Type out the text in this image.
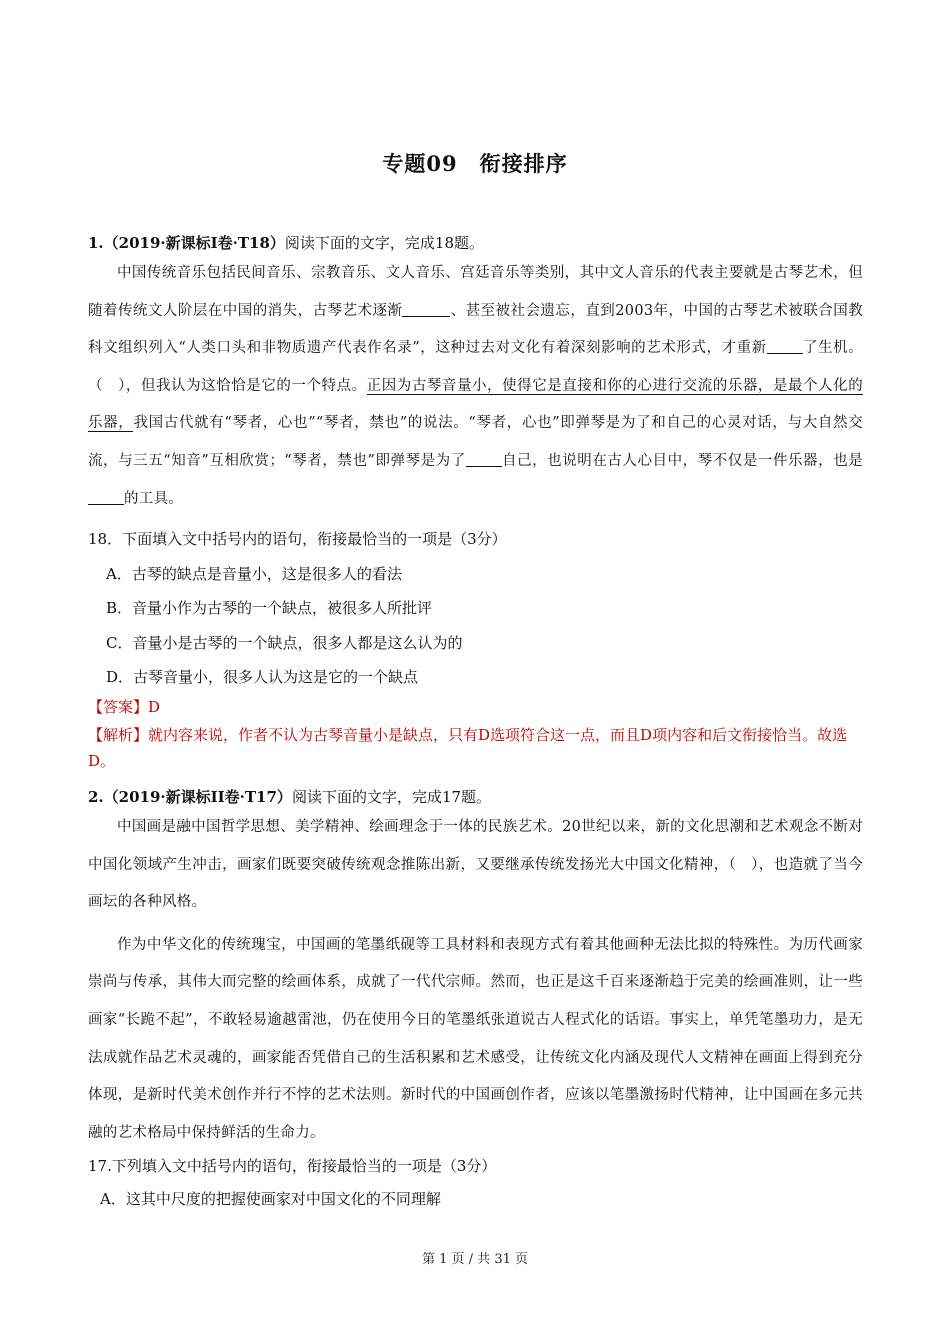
专题09　衔接排序
1.（2019·新课标Ⅰ卷·T18）阅读下面的文字，完成18题。

中国传统音乐包括民间音乐、宗教音乐、文人音乐、宫廷音乐等类别，其中文人音乐的代表主要就是古琴艺术，但随着传统文人阶层在中国的消失，古琴艺术逐渐	、甚至被社会遗忘，直到2003年，中国的古琴艺术被联合国教科文组织列入“人类口头和非物质遗产代表作名录”，这种过去对文化有着深刻影响的艺术形式，才重新 了生机。（　），但我认为这恰恰是它的一个特点。正因为古琴音量小，使得它是直接和你的心进行交流的乐器，是最个人化的乐器，我国古代就有“琴者，心也”“琴者，禁也”的说法。“琴者，心也”即弹琴是为了和自己的心灵对话，与大自然交流，与三五“知音”互相欣赏；“琴者，禁也”即弹琴是为了 自己，也说明在古人心目中，琴不仅是一件乐器，也是的工具。

18．下面填入文中括号内的语句，衔接最恰当的一项是（3分）
A．古琴的缺点是音量小，这是很多人的看法
B．音量小作为古琴的一个缺点，被很多人所批评
C．音量小是古琴的一个缺点，很多人都是这么认为的
D．古琴音量小，很多人认为这是它的一个缺点
【答案】D
【解析】就内容来说，作者不认为古琴音量小是缺点，只有D选项符合这一点，而且D项内容和后文衔接恰当。故选D。
2.（2019·新课标II卷·T17）阅读下面的文字，完成17题。

中国画是融中国哲学思想、美学精神、绘画理念于一体的民族艺术。20世纪以来，新的文化思潮和艺术观念不断对中国化领域产生冲击，画家们既要突破传统观念推陈出新，又要继承传统发扬光大中国文化精神，（　），也造就了当今画坛的各种风格。

作为中华文化的传统瑰宝，中国画的笔墨纸砚等工具材料和表现方式有着其他画种无法比拟的特殊性。为历代画家崇尚与传承，其伟大而完整的绘画体系，成就了一代代宗师。然而，也正是这千百来逐渐趋于完美的绘画准则，让一些画家“长跪不起”，不敢轻易逾越雷池，仍在使用今日的笔墨纸张道说古人程式化的话语。事实上，单凭笔墨功力，是无法成就作品艺术灵魂的，画家能否凭借自己的生活积累和艺术感受，让传统文化内涵及现代人文精神在画面上得到充分体现，是新时代美术创作并行不悖的艺术法则。新时代的中国画创作者，应该以笔墨激扬时代精神，让中国画在多元共融的艺术格局中保持鲜活的生命力。

17.下列填入文中括号内的语句，衔接最恰当的一项是（3分）
A．这其中尺度的把握使画家对中国文化的不同理解
第 1 页 / 共 31 页
